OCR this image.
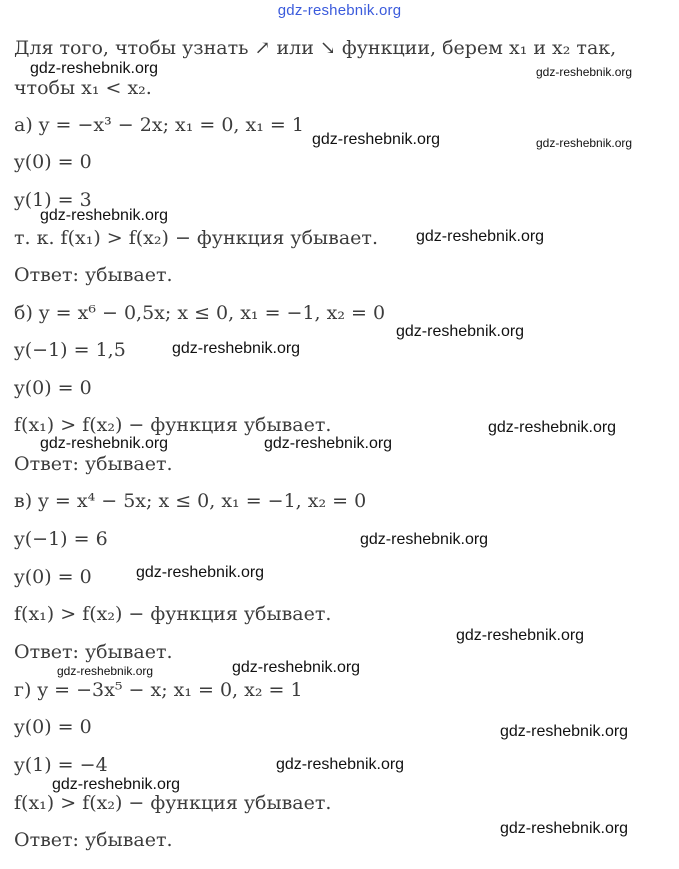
gdz-reshebnik.org
Для того, чтобы узнать ↗ или ↘ функции, берем x₁ и x₂ так,
чтобы x₁ < x₂.
а) y = −x³ − 2x; x₁ = 0, x₁ = 1
y(0) = 0
y(1) = 3
т. к. f(x₁) > f(x₂) − функция убывает.
Ответ: убывает.
б) y = x⁶ − 0,5x; x ≤ 0, x₁ = −1, x₂ = 0
y(−1) = 1,5
y(0) = 0
f(x₁) > f(x₂) − функция убывает.
Ответ: убывает.
в) y = x⁴ − 5x; x ≤ 0, x₁ = −1, x₂ = 0
y(−1) = 6
y(0) = 0
f(x₁) > f(x₂) − функция убывает.
Ответ: убывает.
г) y = −3x⁵ − x; x₁ = 0, x₂ = 1
y(0) = 0
y(1) = −4
f(x₁) > f(x₂) − функция убывает.
Ответ: убывает.
gdz-reshebnik.org	gdz-reshebnik.org
gdz-reshebnik.org	gdz-reshebnik.org
gdz-reshebnik.org
gdz-reshebnik.org
gdz-reshebnik.org
gdz-reshebnik.org
gdz-reshebnik.org
gdz-reshebnik.org	gdz-reshebnik.org
gdz-reshebnik.org
gdz-reshebnik.org
gdz-reshebnik.org
gdz-reshebnik.org	gdz-reshebnik.org
gdz-reshebnik.org
gdz-reshebnik.org
gdz-reshebnik.org
gdz-reshebnik.org
